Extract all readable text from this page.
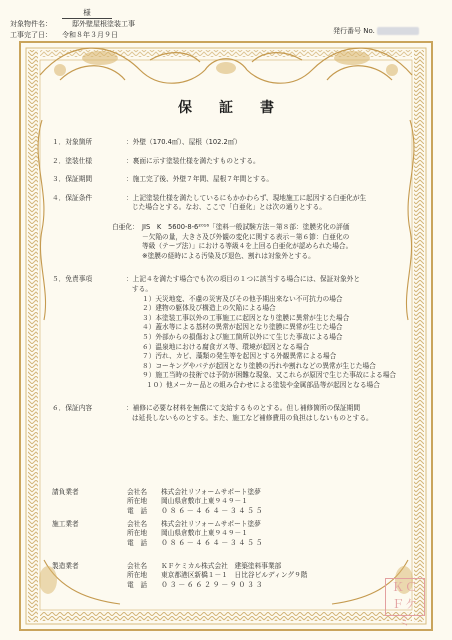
様
対象物件名：	邸外壁屋根塗装工事
工事完了日：	令和８年３月９日	発行番号 No.
保証書
１．対象箇所	：外壁（170.4㎡）、屋根（102.2㎡）
２．塗装仕様	：裏面に示す塗装仕様を満たすものとする。
３．保証期間	：施工完了後、外壁７年間、屋根７年間とする。
４．保証条件	：上記塗装仕様を満たしているにもかかわらず、現地施工に起因する白亜化が生
じた場合とする。なお、ここで「白亜化」とは次の通りとする。
白亜化： JIS　K　5600-8-6²⁰¹⁶「塗料一般試験方法－第８部：塗膜劣化の評価
－欠陥の量，大きさ及び外観の変化に関する表示－第６節：白亜化の
等級（テープ法）」における等級４を上回る白亜化が認められた場合。
※塗膜の経時による汚染及び退色、割れは対象外とする。
５．免責事項	：上記４を満たす場合でも次の項目の１つに該当する場合には、保証対象外と
する。
１）天災地変、不慮の災害及びその他予期出来ない不可抗力の場合
２）建物の躯体及び構造上の欠陥による場合
３）本塗装工事以外の工事施工に起因となり塗膜に異常が生じた場合
４）蓋水等による基材の異常が起因となり塗膜に異常が生じた場合
５）外部からの損傷および施工箇所以外にて生じた事故による場合
６）温泉地における腐食ガス等、環境が起因となる場合
７）汚れ、カビ、藻類の発生等を起因とする外観異常による場合
８）コーキングやパテが起因となり塗膜の汚れや割れなどの異常が生じた場合
９）施工当時の技術では予防が困難な現象、又これらが原因で生じた事故による場合
１０）他メーカー品との組み合わせによる塗装や金属部品等が起因となる場合
６．保証内容	：補修に必要な材料を無償にて支給するものとする。但し補修箇所の保証期間
は延長しないものとする。また、施工など補修費用の負担はしないものとする。
請負業者	会社名	株式会社リフォームサポート塗夢
所在地	岡山県倉敷市上東９４９－１
電　話	０８６－４６４－３４５５
施工業者	会社名	株式会社リフォームサポート塗夢
所在地	岡山県倉敷市上東９４９－１
電　話	０８６－４６４－３４５５
製造業者	会社名	ＫＦケミカル株式会社　建築塗料事業部
所在地	東京都港区新橋１－１　日比谷ビルディング９階
電　話	０３－６６２９－９０３３	ＫＣＦケミ
